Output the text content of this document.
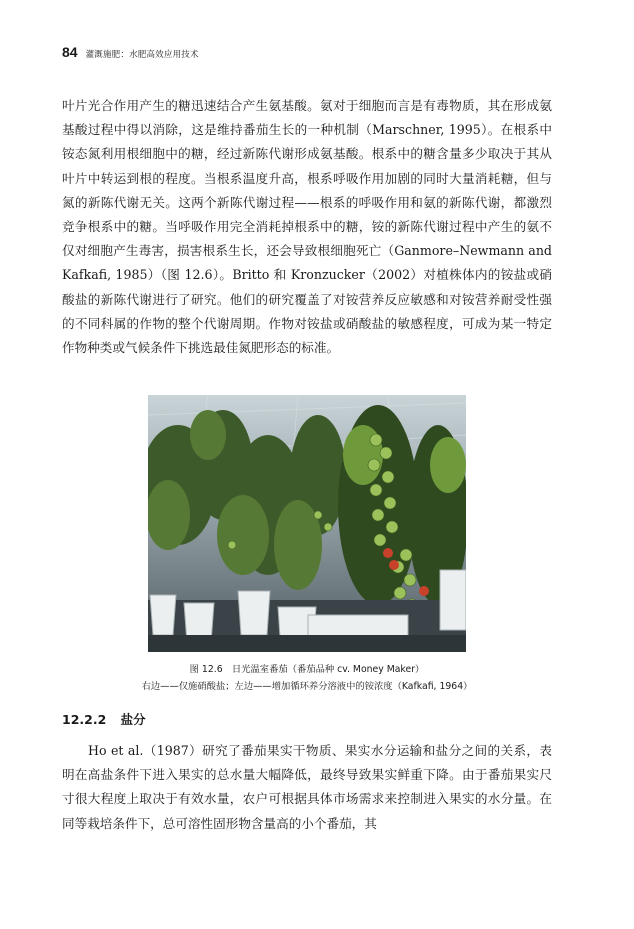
84 灌溉施肥：水肥高效应用技术

叶片光合作用产生的糖迅速结合产生氨基酸。氨对于细胞而言是有毒物质，其在形成氨基酸过程中得以消除，这是维持番茄生长的一种机制（Marschner, 1995）。在根系中铵态氮利用根细胞中的糖，经过新陈代谢形成氨基酸。根系中的糖含量多少取决于其从叶片中转运到根的程度。当根系温度升高，根系呼吸作用加剧的同时大量消耗糖，但与氮的新陈代谢无关。这两个新陈代谢过程——根系的呼吸作用和氨的新陈代谢，都激烈竞争根系中的糖。当呼吸作用完全消耗掉根系中的糖，铵的新陈代谢过程中产生的氨不仅对细胞产生毒害，损害根系生长，还会导致根细胞死亡（Ganmore–Newmann and Kafkafi, 1985）（图 12.6）。Britto 和 Kronzucker（2002）对植株体内的铵盐或硝酸盐的新陈代谢进行了研究。他们的研究覆盖了对铵营养反应敏感和对铵营养耐受性强的不同科属的作物的整个代谢周期。作物对铵盐或硝酸盐的敏感程度，可成为某一特定作物种类或气候条件下挑选最佳氮肥形态的标准。

图 12.6　日光温室番茄（番茄品种 cv. Money Maker）
右边——仅施硝酸盐；左边——增加循环养分溶液中的铵浓度（Kafkafi, 1964）
12.2.2 盐分

Ho et al.（1987）研究了番茄果实干物质、果实水分运输和盐分之间的关系，表明在高盐条件下进入果实的总水量大幅降低，最终导致果实鲜重下降。由于番茄果实尺寸很大程度上取决于有效水量，农户可根据具体市场需求来控制进入果实的水分量。在同等栽培条件下，总可溶性固形物含量高的小个番茄，其
